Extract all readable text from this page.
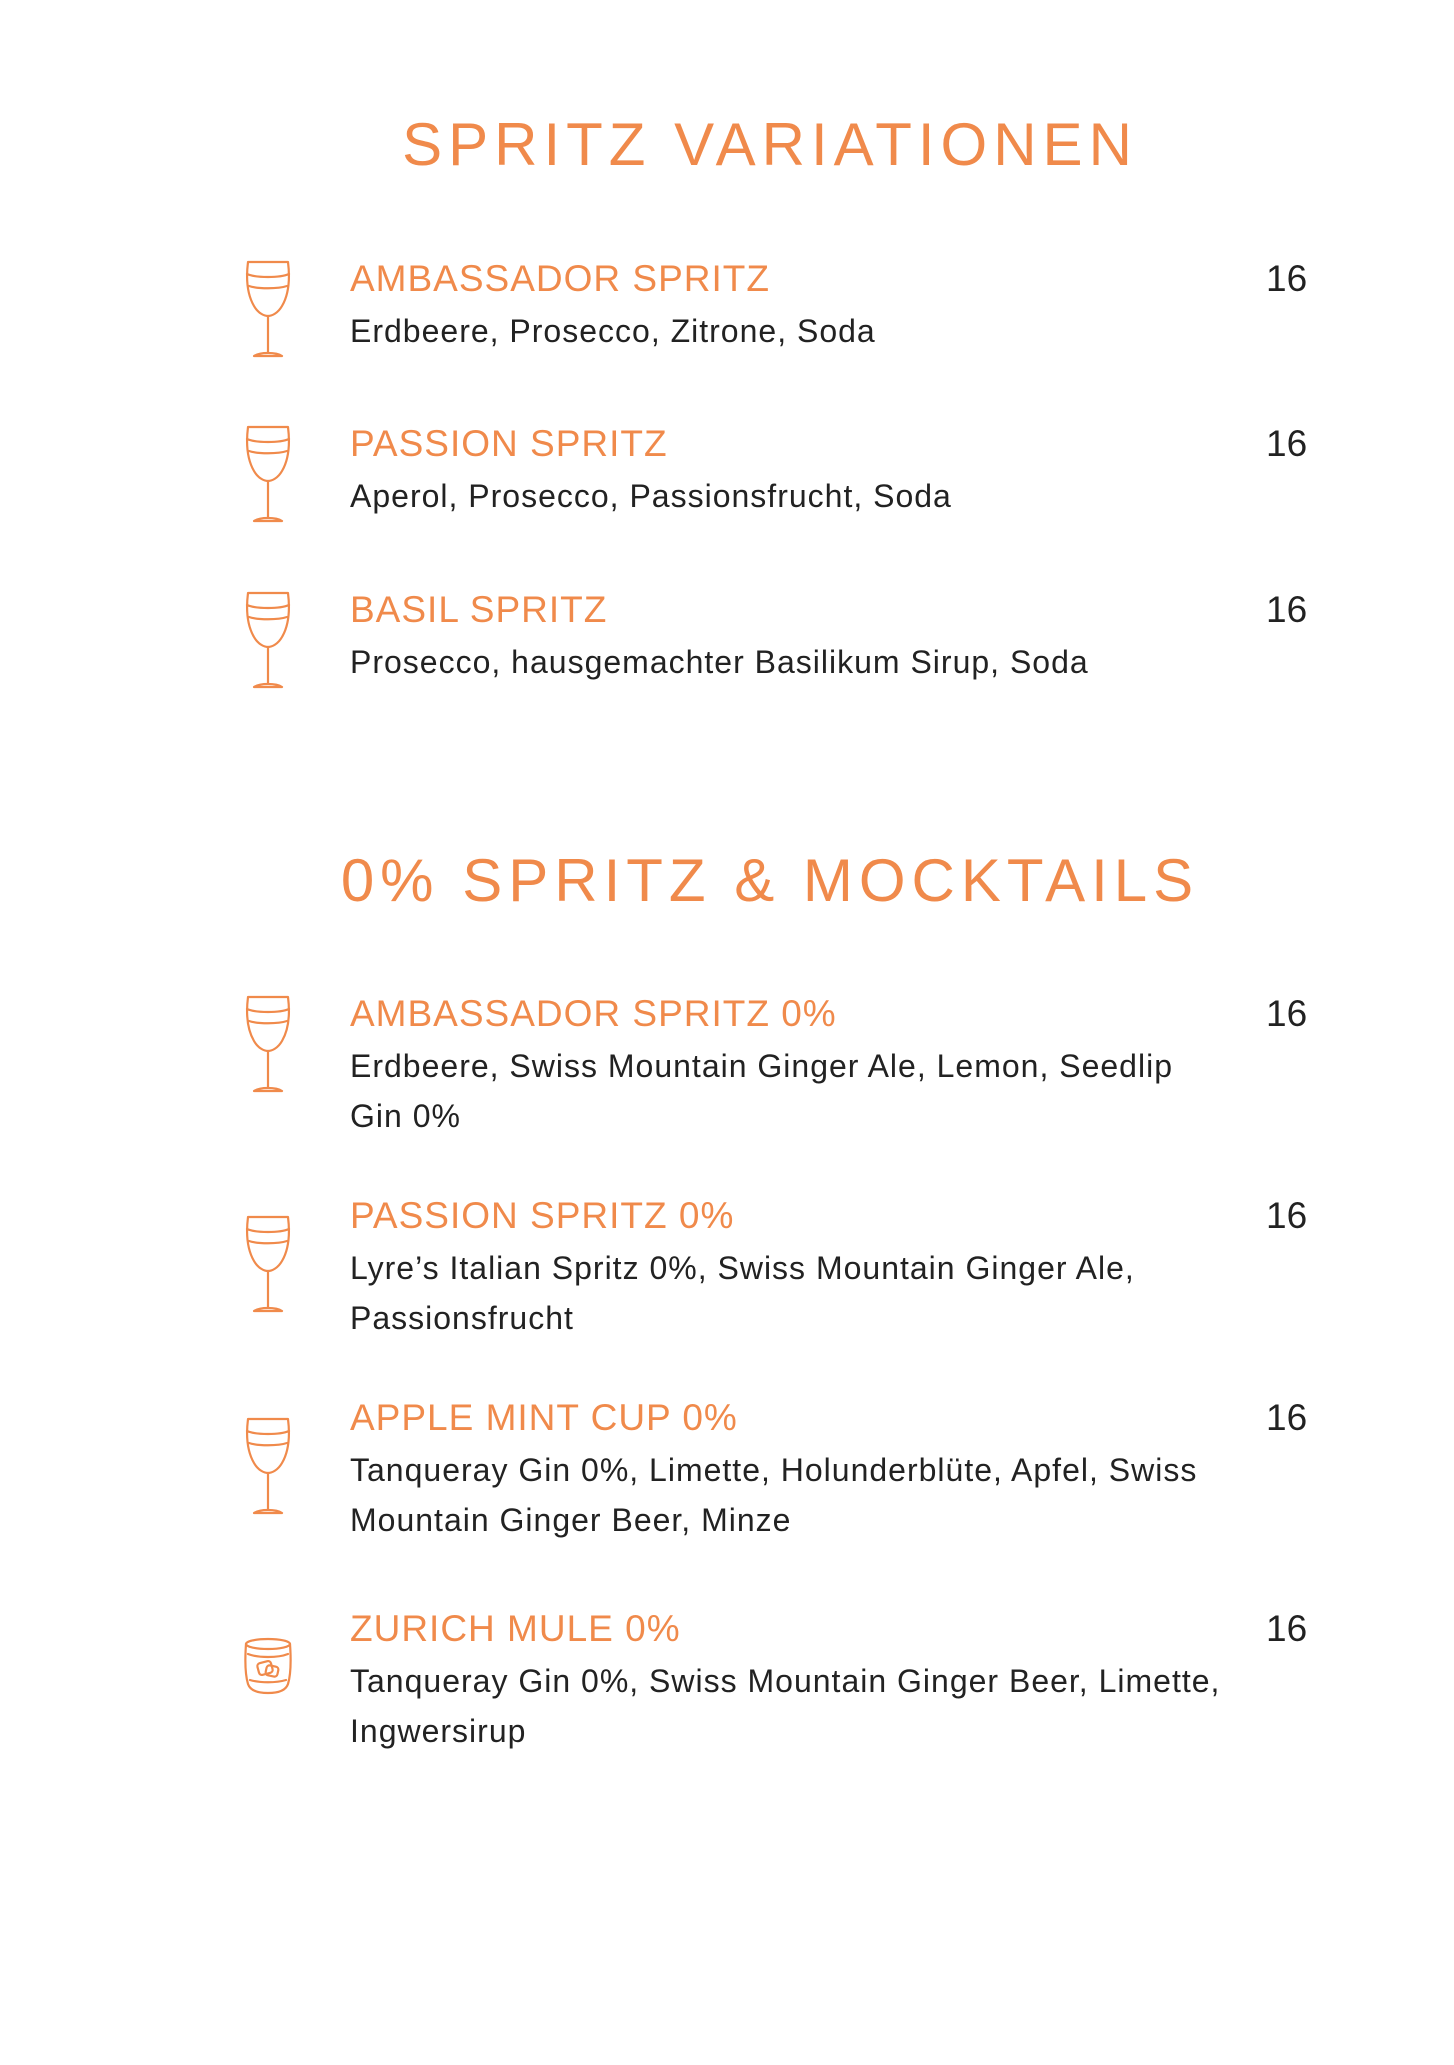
SPRITZ VARIATIONEN
AMBASSADOR SPRITZ	16
Erdbeere, Prosecco, Zitrone, Soda
PASSION SPRITZ	16
Aperol, Prosecco, Passionsfrucht, Soda
BASIL SPRITZ	16
Prosecco, hausgemachter Basilikum Sirup, Soda
0% SPRITZ & MOCKTAILS
AMBASSADOR SPRITZ 0%	16
Erdbeere, Swiss Mountain Ginger Ale, Lemon, Seedlip Gin 0%
PASSION SPRITZ 0%	16
Lyre’s Italian Spritz 0%, Swiss Mountain Ginger Ale, Passionsfrucht
APPLE MINT CUP 0%	16
Tanqueray Gin 0%, Limette, Holunderblüte, Apfel, Swiss Mountain Ginger Beer, Minze
ZURICH MULE 0%	16
Tanqueray Gin 0%, Swiss Mountain Ginger Beer, Limette, Ingwersirup
